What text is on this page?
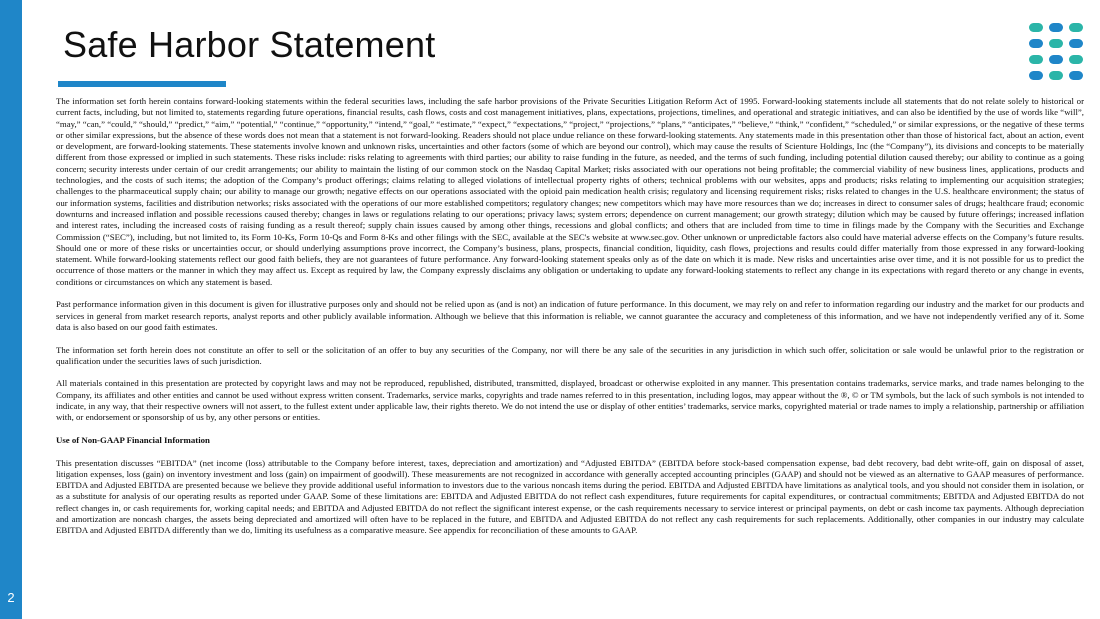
2
Safe Harbor Statement

The information set forth herein contains forward-looking statements within the federal securities laws, including the safe harbor provisions of the Private Securities Litigation Reform Act of 1995. Forward-looking statements include all statements that do not relate solely to historical or current facts, including, but not limited to, statements regarding future operations, financial results, cash flows, costs and cost management initiatives, plans, expectations, projections, timelines, and operational and strategic initiatives, and can also be identified by the use of words like “will”, “may,” “can,” “could,” “should,” “predict,” “aim,” “potential,” “continue,” “opportunity,” “intend,” “goal,” “estimate,” “expect,” “expectations,” “project,” “projections,” “plans,” “anticipates,” “believe,” “think,” “confident,” “scheduled,” or similar expressions, or the negative of these terms or other similar expressions, but the absence of these words does not mean that a statement is not forward-looking. Readers should not place undue reliance on these forward-looking statements. Any statements made in this presentation other than those of historical fact, about an action, event or development, are forward-looking statements. These statements involve known and unknown risks, uncertainties and other factors (some of which are beyond our control), which may cause the results of Scienture Holdings, Inc (the “Company”), its divisions and concepts to be materially different from those expressed or implied in such statements. These risks include: risks relating to agreements with third parties; our ability to raise funding in the future, as needed, and the terms of such funding, including potential dilution caused thereby; our ability to continue as a going concern; security interests under certain of our credit arrangements; our ability to maintain the listing of our common stock on the Nasdaq Capital Market; risks associated with our operations not being profitable; the commercial viability of new business lines, applications, products and technologies, and the costs of such items; the adoption of the Company’s product offerings; claims relating to alleged violations of intellectual property rights of others; technical problems with our websites, apps and products; risks relating to implementing our acquisition strategies; challenges to the pharmaceutical supply chain; our ability to manage our growth; negative effects on our operations associated with the opioid pain medication health crisis; regulatory and licensing requirement risks; risks related to changes in the U.S. healthcare environment; the status of our information systems, facilities and distribution networks; risks associated with the operations of our more established competitors; regulatory changes; new competitors which may have more resources than we do; increases in direct to consumer sales of drugs; healthcare fraud; economic downturns and increased inflation and possible recessions caused thereby; changes in laws or regulations relating to our operations; privacy laws; system errors; dependence on current management; our growth strategy; dilution which may be caused by future offerings; increased inflation and interest rates, including the increased costs of raising funding as a result thereof; supply chain issues caused by among other things, recessions and global conflicts; and others that are included from time to time in filings made by the Company with the Securities and Exchange Commission (“SEC”), including, but not limited to, its Form 10-Ks, Form 10-Qs and Form 8-Ks and other filings with the SEC, available at the SEC's website at www.sec.gov. Other unknown or unpredictable factors also could have material adverse effects on the Company’s future results. Should one or more of these risks or uncertainties occur, or should underlying assumptions prove incorrect, the Company’s business, plans, prospects, financial condition, liquidity, cash flows, projections and results could differ materially from those expressed in any forward-looking statement. While forward-looking statements reflect our good faith beliefs, they are not guarantees of future performance. Any forward-looking statement speaks only as of the date on which it is made. New risks and uncertainties arise over time, and it is not possible for us to predict the occurrence of those matters or the manner in which they may affect us. Except as required by law, the Company expressly disclaims any obligation or undertaking to update any forward-looking statements to reflect any change in its expectations with regard thereto or any change in events, conditions or circumstances on which any statement is based.

Past performance information given in this document is given for illustrative purposes only and should not be relied upon as (and is not) an indication of future performance. In this document, we may rely on and refer to information regarding our industry and the market for our products and services in general from market research reports, analyst reports and other publicly available information. Although we believe that this information is reliable, we cannot guarantee the accuracy and completeness of this information, and we have not independently verified any of it. Some data is also based on our good faith estimates.

The information set forth herein does not constitute an offer to sell or the solicitation of an offer to buy any securities of the Company, nor will there be any sale of the securities in any jurisdiction in which such offer, solicitation or sale would be unlawful prior to the registration or qualification under the securities laws of such jurisdiction.

All materials contained in this presentation are protected by copyright laws and may not be reproduced, republished, distributed, transmitted, displayed, broadcast or otherwise exploited in any manner. This presentation contains trademarks, service marks, and trade names belonging to the Company, its affiliates and other entities and cannot be used without express written consent. Trademarks, service marks, copyrights and trade names referred to in this presentation, including logos, may appear without the ®, © or TM symbols, but the lack of such symbols is not intended to indicate, in any way, that their respective owners will not assert, to the fullest extent under applicable law, their rights thereto. We do not intend the use or display of other entities’ trademarks, service marks, copyrighted material or trade names to imply a relationship, partnership or affiliation with, or endorsement or sponsorship of us by, any other persons or entities.

Use of Non-GAAP Financial Information

This presentation discusses “EBITDA” (net income (loss) attributable to the Company before interest, taxes, depreciation and amortization) and “Adjusted EBITDA” (EBITDA before stock-based compensation expense, bad debt recovery, bad debt write-off, gain on disposal of asset, litigation expenses, loss (gain) on inventory investment and loss (gain) on impairment of goodwill). These measurements are not recognized in accordance with generally accepted accounting principles (GAAP) and should not be viewed as an alternative to GAAP measures of performance. EBITDA and Adjusted EBITDA are presented because we believe they provide additional useful information to investors due to the various noncash items during the period. EBITDA and Adjusted EBITDA have limitations as analytical tools, and you should not consider them in isolation, or as a substitute for analysis of our operating results as reported under GAAP. Some of these limitations are: EBITDA and Adjusted EBITDA do not reflect cash expenditures, future requirements for capital expenditures, or contractual commitments; EBITDA and Adjusted EBITDA do not reflect changes in, or cash requirements for, working capital needs; and EBITDA and Adjusted EBITDA do not reflect the significant interest expense, or the cash requirements necessary to service interest or principal payments, on debt or cash income tax payments. Although depreciation and amortization are noncash charges, the assets being depreciated and amortized will often have to be replaced in the future, and EBITDA and Adjusted EBITDA do not reflect any cash requirements for such replacements. Additionally, other companies in our industry may calculate EBITDA and Adjusted EBITDA differently than we do, limiting its usefulness as a comparative measure. See appendix for reconciliation of these amounts to GAAP.
